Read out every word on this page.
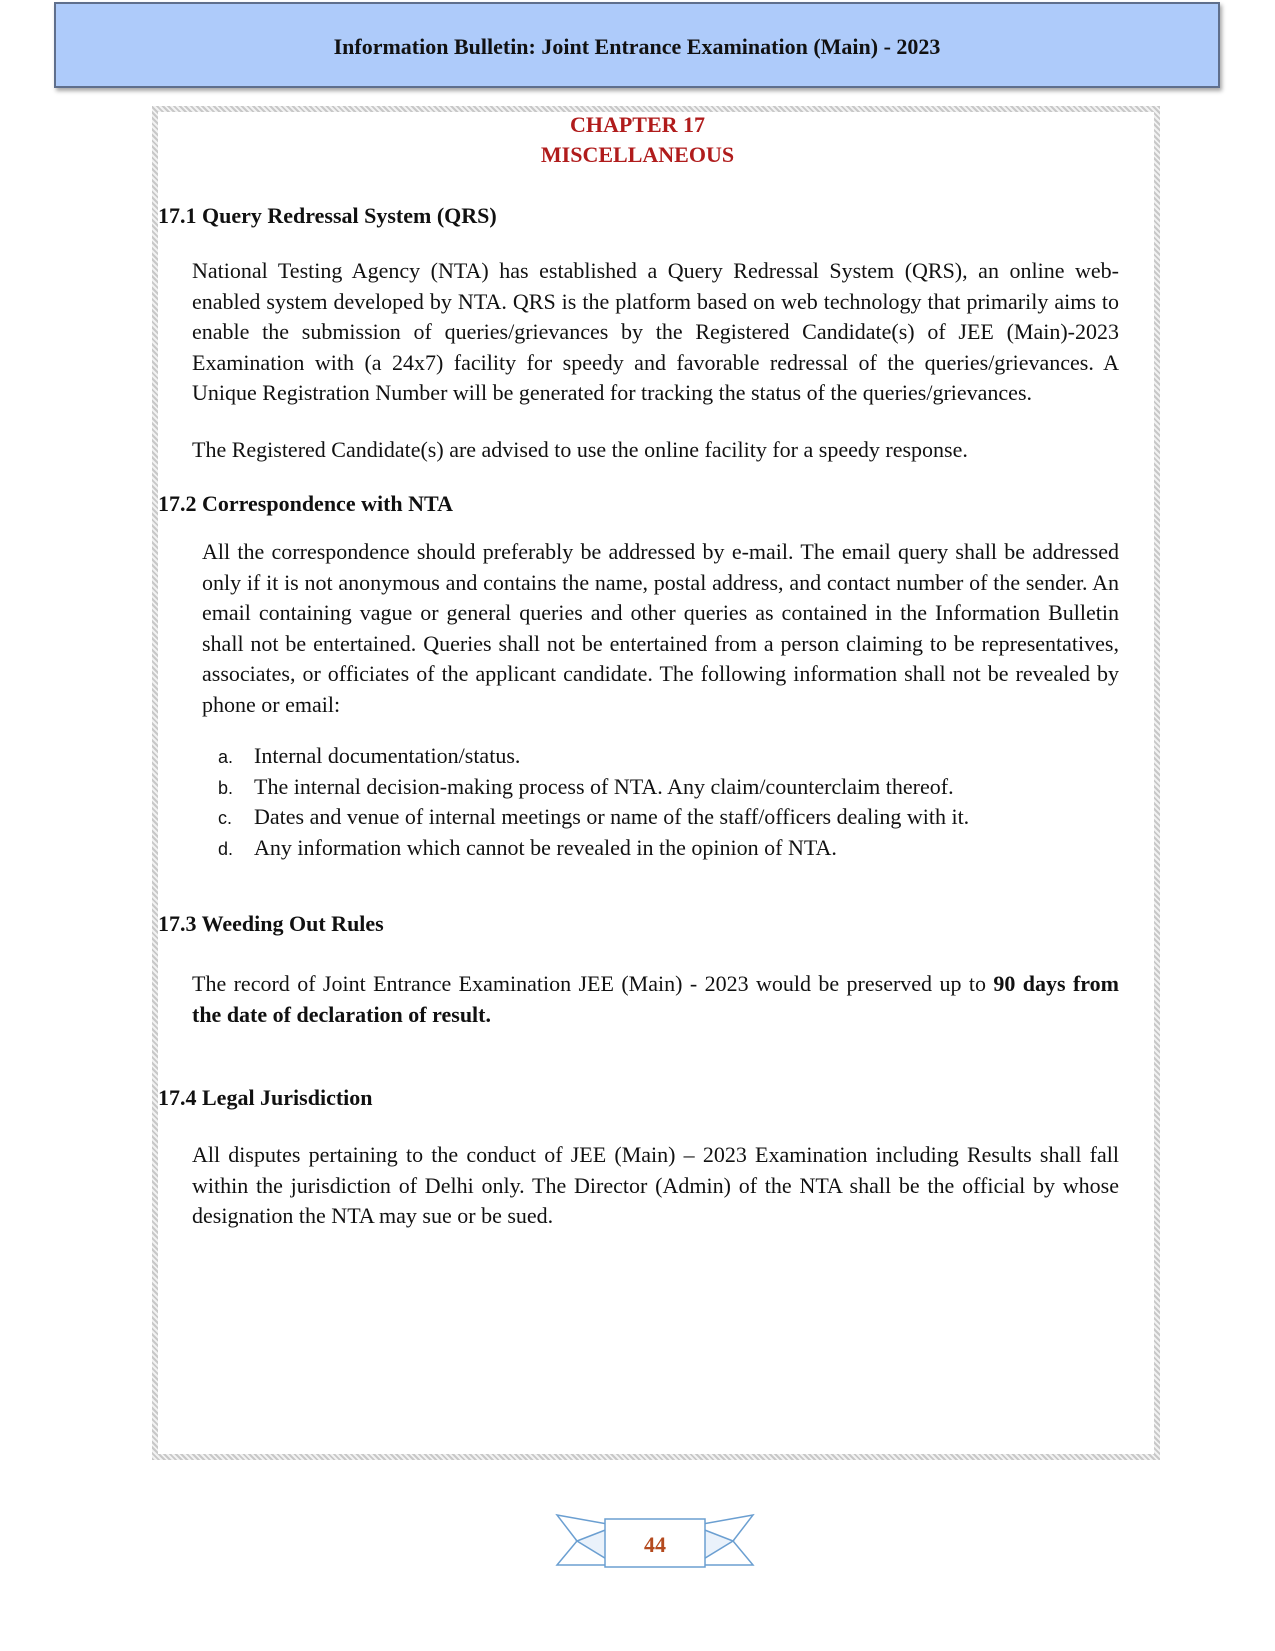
Information Bulletin: Joint Entrance Examination (Main) - 2023
CHAPTER 17
MISCELLANEOUS
17.1 Query Redressal System (QRS)

National Testing Agency (NTA) has established a Query Redressal System (QRS), an online web-enabled system developed by NTA. QRS is the platform based on web technology that primarily aims to enable the submission of queries/grievances by the Registered Candidate(s) of JEE (Main)-2023 Examination with (a 24x7) facility for speedy and favorable redressal of the queries/grievances. A Unique Registration Number will be generated for tracking the status of the queries/grievances.

The Registered Candidate(s) are advised to use the online facility for a speedy response.

17.2 Correspondence with NTA

All the correspondence should preferably be addressed by e-mail. The email query shall be addressed only if it is not anonymous and contains the name, postal address, and contact number of the sender. An email containing vague or general queries and other queries as contained in the Information Bulletin shall not be entertained. Queries shall not be entertained from a person claiming to be representatives, associates, or officiates of the applicant candidate. The following information shall not be revealed by phone or email:

a. Internal documentation/status.
b. The internal decision-making process of NTA. Any claim/counterclaim thereof.
c. Dates and venue of internal meetings or name of the staff/officers dealing with it.
d. Any information which cannot be revealed in the opinion of NTA.
17.3 Weeding Out Rules

The record of Joint Entrance Examination JEE (Main) - 2023 would be preserved up to 90 days from the date of declaration of result.

17.4 Legal Jurisdiction

All disputes pertaining to the conduct of JEE (Main) – 2023 Examination including Results shall fall within the jurisdiction of Delhi only. The Director (Admin) of the NTA shall be the official by whose designation the NTA may sue or be sued.

44
